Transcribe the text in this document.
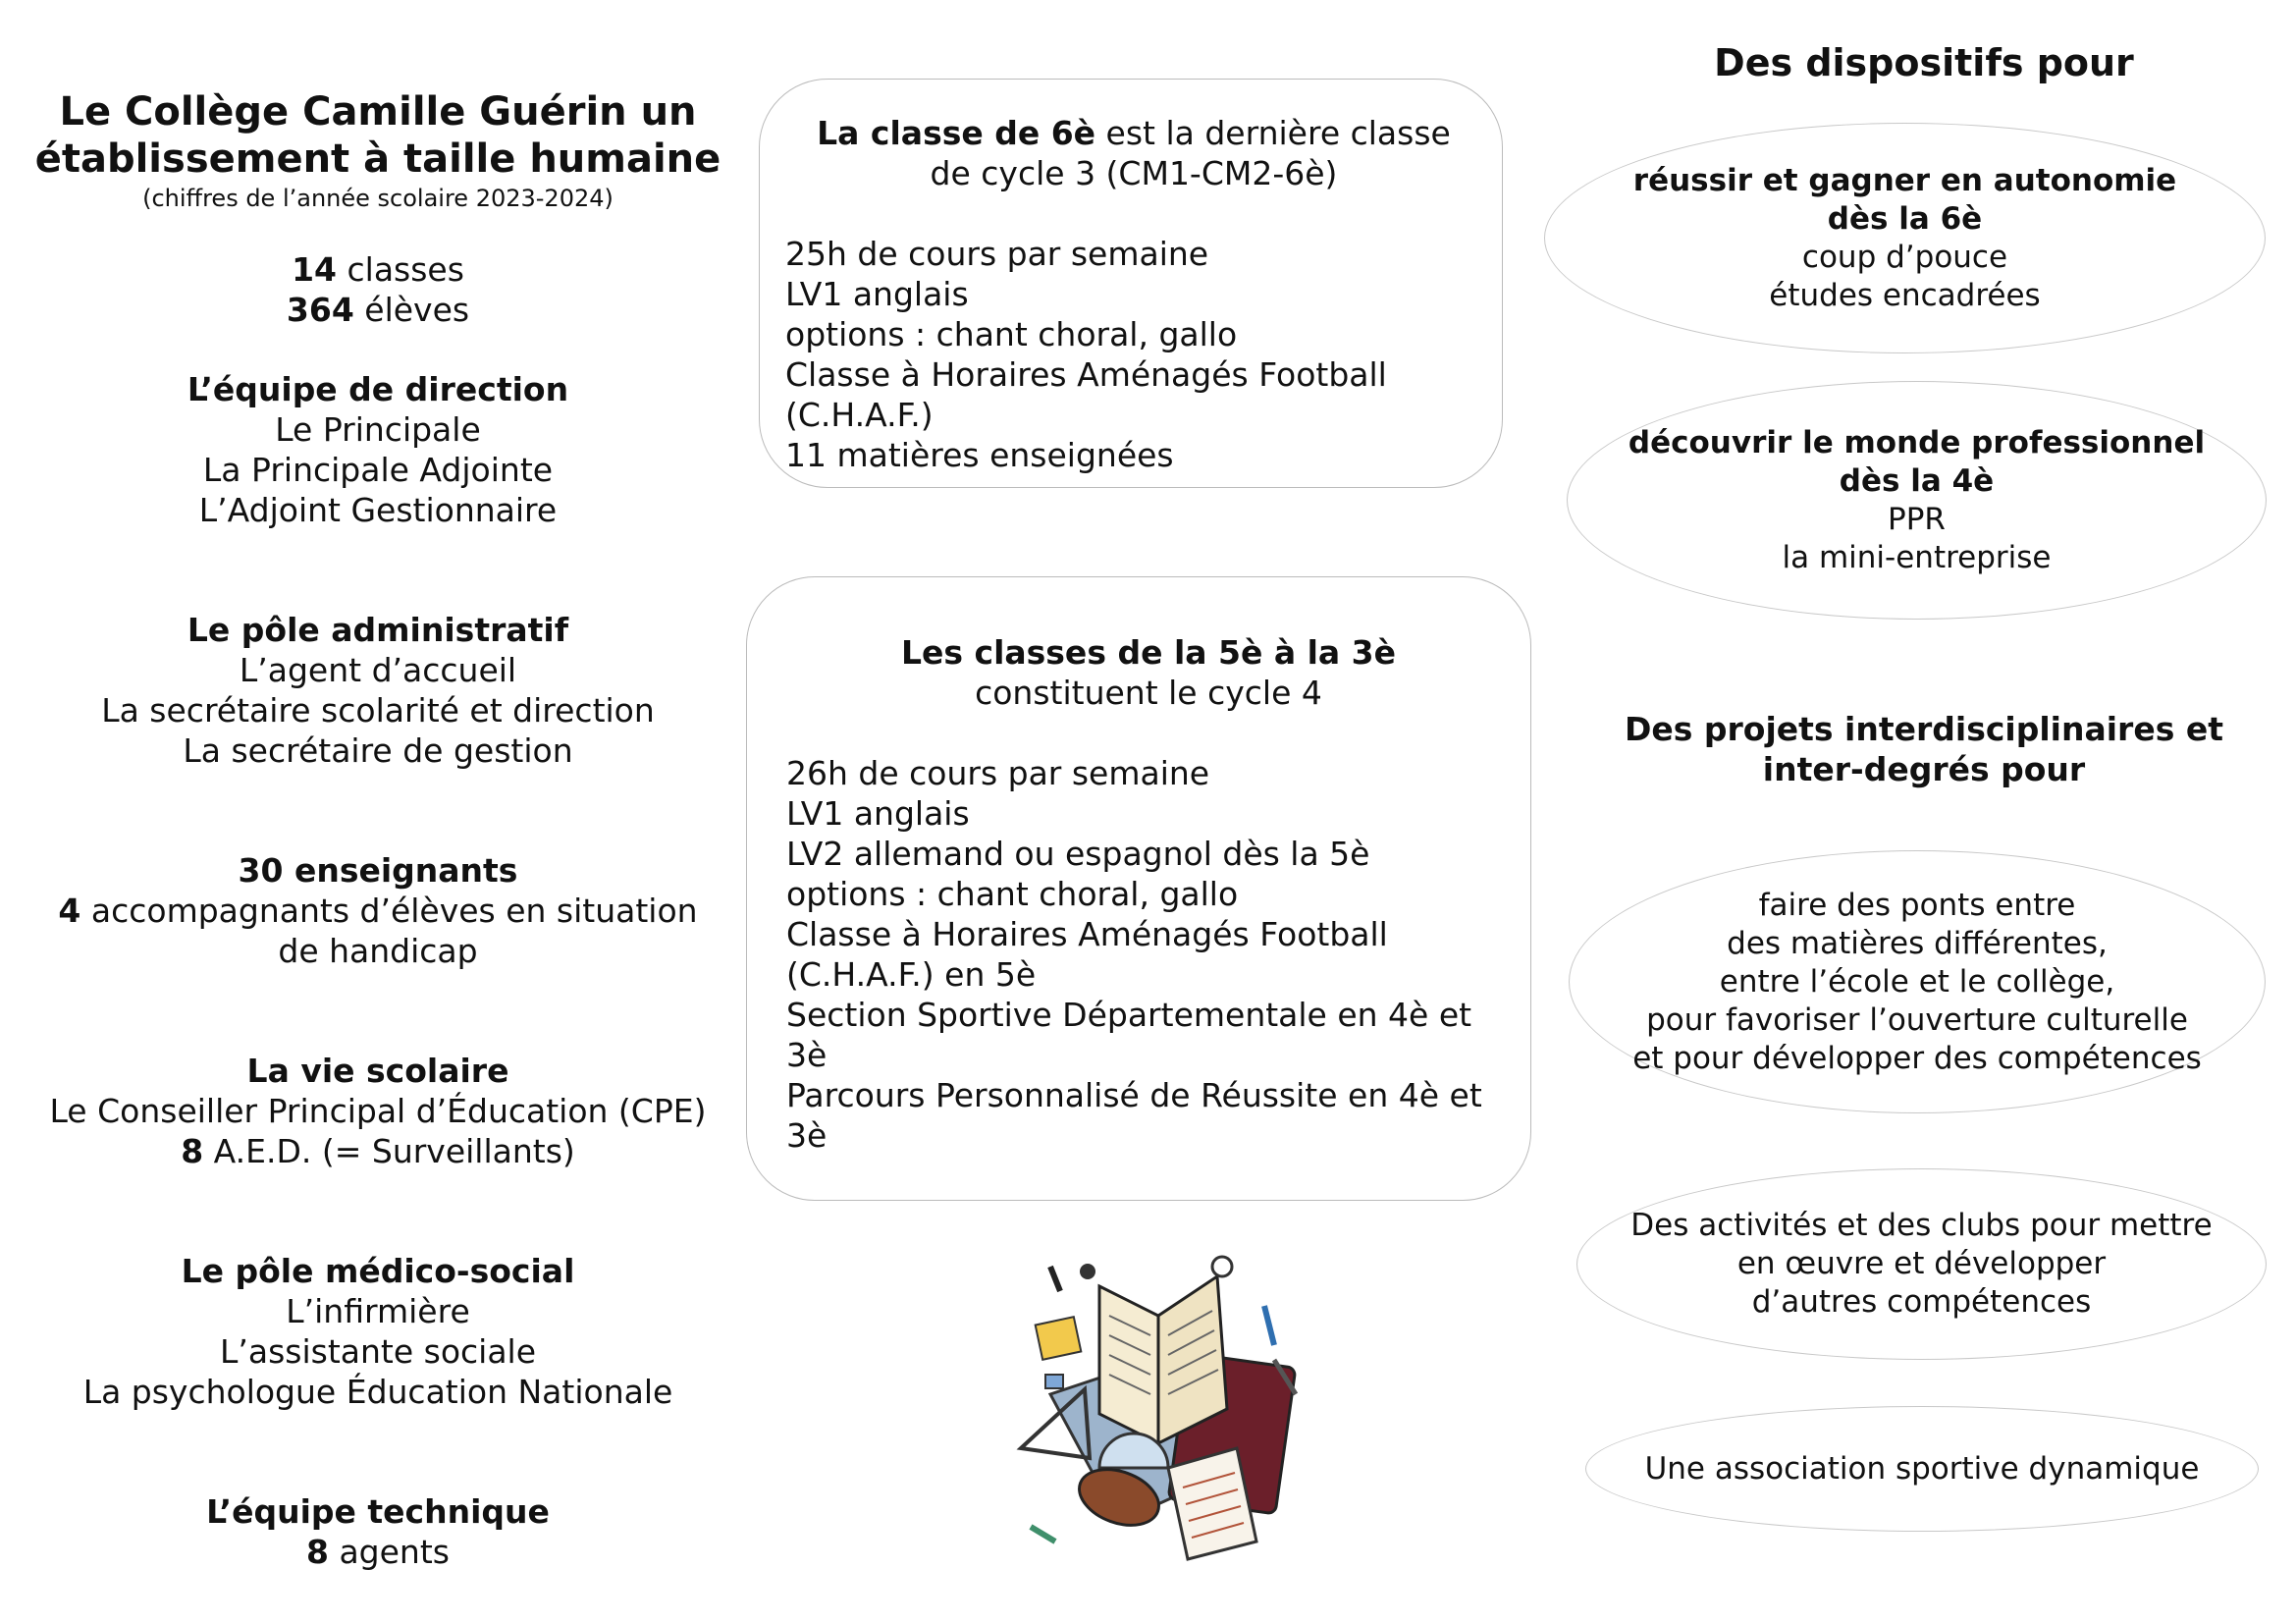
Le Collège Camille Guérin un
établissement à taille humaine
(chiffres de l’année scolaire 2023-2024)
14 classes
364 élèves
L’équipe de direction
Le Principale
La Principale Adjointe
L’Adjoint Gestionnaire
Le pôle administratif
L’agent d’accueil
La secrétaire scolarité et direction
La secrétaire de gestion
30 enseignants
4 accompagnants d’élèves en situation
de handicap
La vie scolaire
Le Conseiller Principal d’Éducation (CPE)
8 A.E.D. (= Surveillants)
Le pôle médico-social
L’infirmière
L’assistante sociale
La psychologue Éducation Nationale
L’équipe technique
8 agents
La classe de 6è est la dernière classe
de cycle 3 (CM1-CM2-6è)
25h de cours par semaine
LV1 anglais
options : chant choral, gallo
Classe à Horaires Aménagés Football
(C.H.A.F.)
11 matières enseignées
Les classes de la 5è à la 3è
constituent le cycle 4
26h de cours par semaine
LV1 anglais
LV2 allemand ou espagnol dès la 5è
options : chant choral, gallo
Classe à Horaires Aménagés Football
(C.H.A.F.) en 5è
Section Sportive Départementale en 4è et
3è
Parcours Personnalisé de Réussite en 4è et
3è
Des dispositifs pour
réussir et gagner en autonomie
dès la 6è
coup d’pouce
études encadrées
découvrir le monde professionnel
dès la 4è
PPR
la mini-entreprise
Des projets interdisciplinaires et
inter-degrés pour
faire des ponts entre
des matières différentes,
entre l’école et le collège,
pour favoriser l’ouverture culturelle
et pour développer des compétences
Des activités et des clubs pour mettre
en œuvre et développer
d’autres compétences
Une association sportive dynamique
